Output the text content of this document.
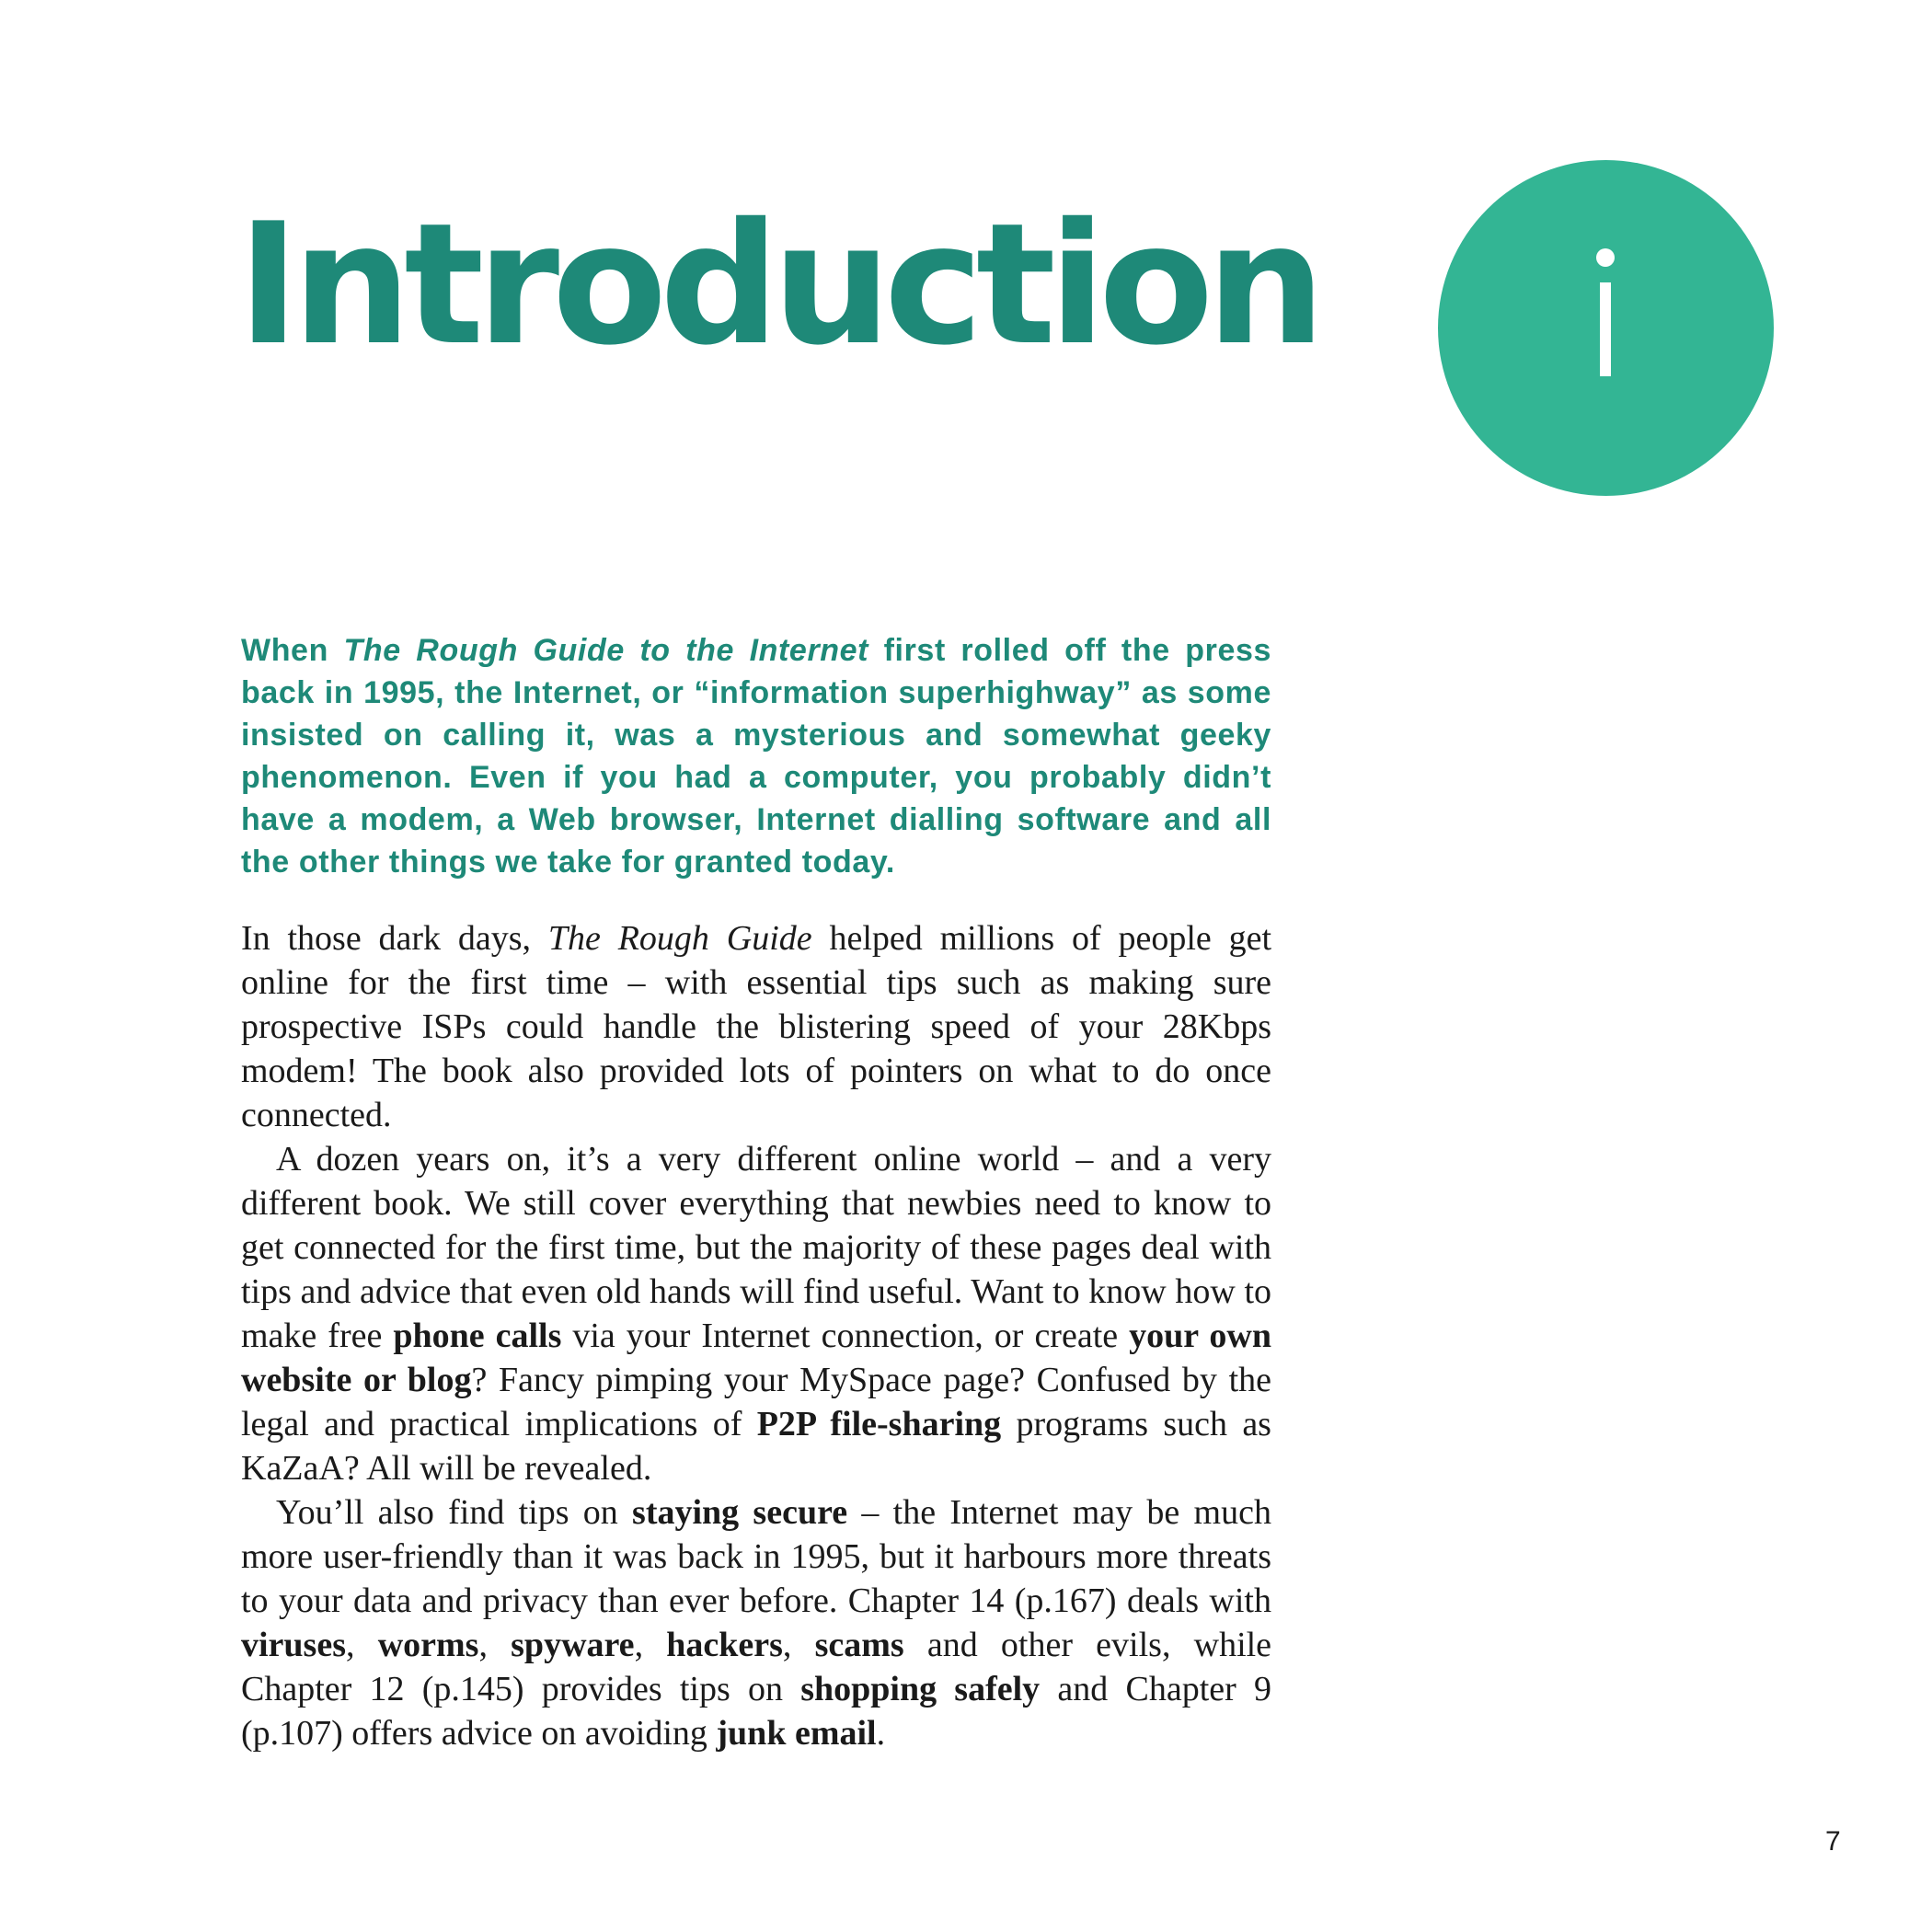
Introduction

When The Rough Guide to the Internet first rolled off the press back in 1995, the Internet, or “information superhighway” as some insisted on calling it, was a mysterious and somewhat geeky phenomenon. Even if you had a computer, you probably didn’t have a modem, a Web browser, Internet dialling software and all the other things we take for granted today.

In those dark days, The Rough Guide helped millions of people get online for the first time – with essential tips such as making sure prospective ISPs could handle the blistering speed of your 28Kbps modem! The book also provided lots of pointers on what to do once connected.

A dozen years on, it’s a very different online world – and a very different book. We still cover everything that newbies need to know to get connected for the first time, but the majority of these pages deal with tips and advice that even old hands will find useful. Want to know how to make free phone calls via your Internet connection, or create your own website or blog? Fancy pimping your MySpace page? Confused by the legal and practical implications of P2P file-sharing programs such as KaZaA? All will be revealed.

You’ll also find tips on staying secure – the Internet may be much more user-friendly than it was back in 1995, but it harbours more threats to your data and privacy than ever before. Chapter 14 (p.167) deals with viruses, worms, spyware, hackers, scams and other evils, while Chapter 12 (p.145) provides tips on shopping safely and Chapter 9 (p.107) offers advice on avoiding junk email.

7
